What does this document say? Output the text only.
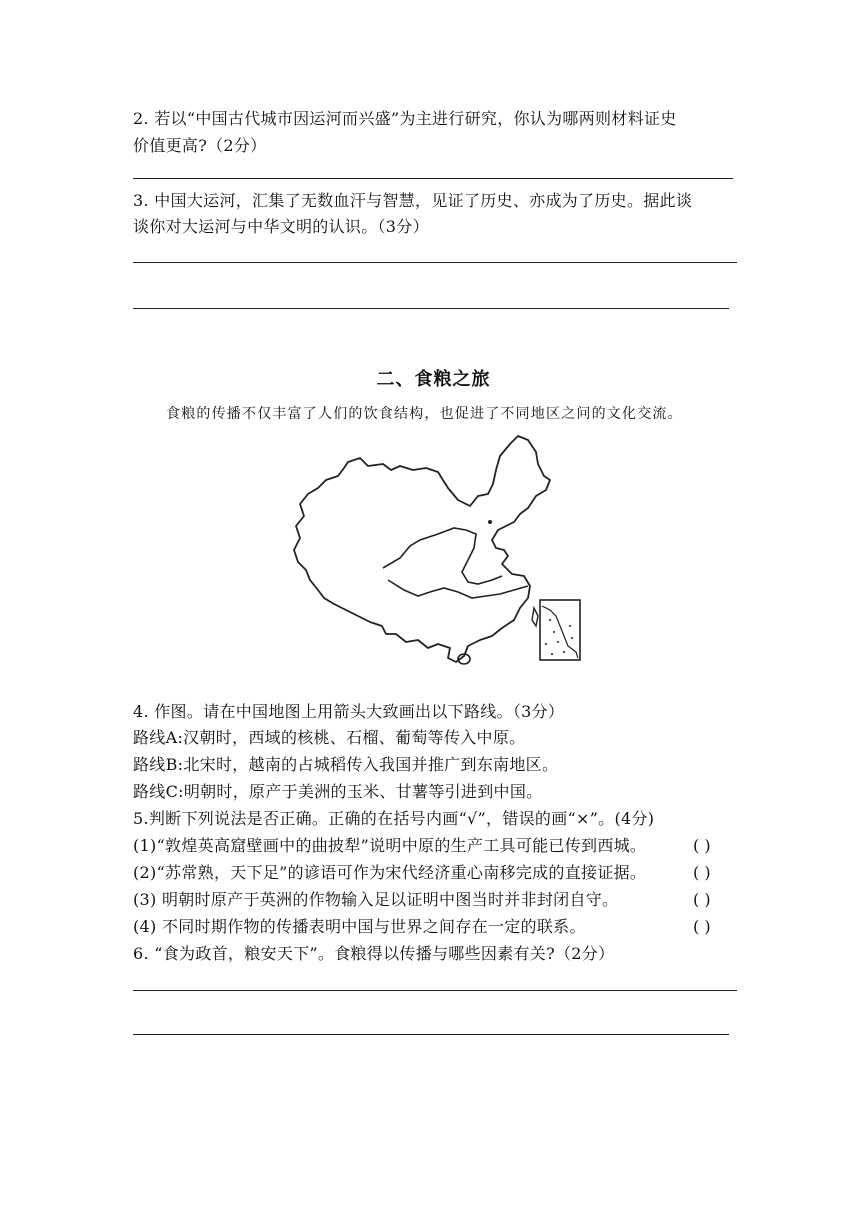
2. 若以“中国古代城市因运河而兴盛”为主进行研究，你认为哪两则材料证史
价值更高?（2分）
3. 中国大运河，汇集了无数血汗与智慧，见证了历史、亦成为了历史。据此谈
谈你对大运河与中华文明的认识。（3分）
二、食粮之旅
食粮的传播不仅丰富了人们的饮食结构，也促进了不同地区之问的文化交流。
4. 作图。请在中国地图上用箭头大致画出以下路线。（3分）
路线A:汉朝时，西域的核桃、石榴、葡萄等传入中原。
路线B:北宋时，越南的占城稻传入我国并推广到东南地区。
路线C:明朝时，原产于美洲的玉米、甘薯等引进到中国。
5.判断下列说法是否正确。正确的在括号内画“√”，错误的画“×”。(4分)
(1)“敦煌英高窟壁画中的曲披犁”说明中原的生产工具可能已传到西城。	( )
(2)“苏常熟，天下足”的谚语可作为宋代经济重心南移完成的直接证据。	( )
(3) 明朝时原产于英洲的作物输入足以证明中图当时并非封闭自守。	( )
(4) 不同时期作物的传播表明中国与世界之间存在一定的联系。	( )
6. “食为政首，粮安天下”。食粮得以传播与哪些因素有关?（2分）
